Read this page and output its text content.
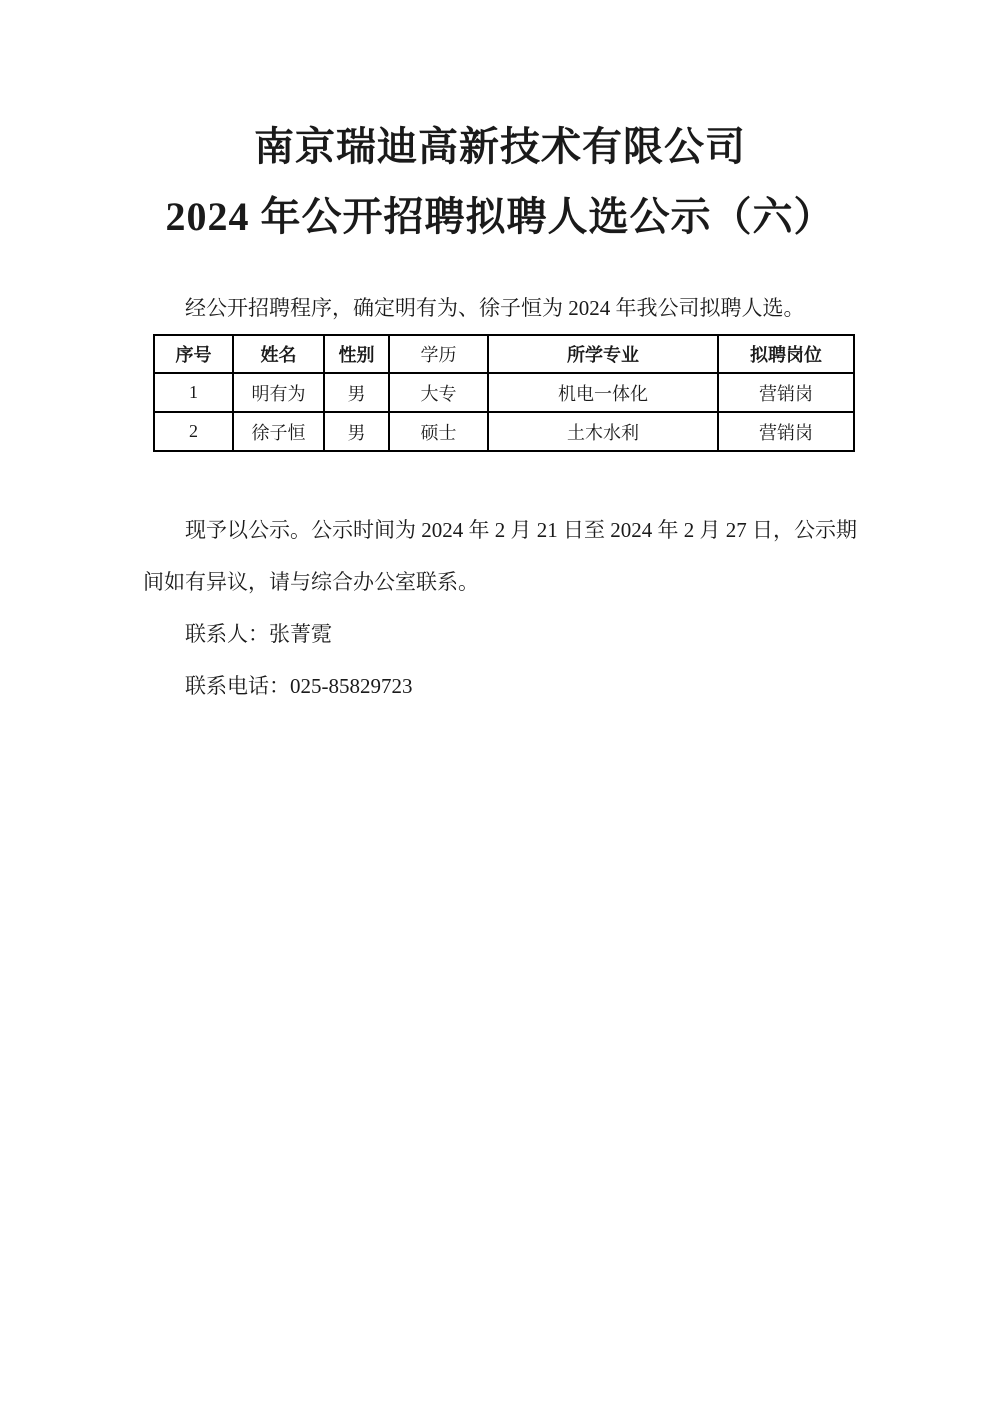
南京瑞迪高新技术有限公司
2024 年公开招聘拟聘人选公示（六）

经公开招聘程序，确定明有为、徐子恒为 2024 年我公司拟聘人选。

序号	姓名	性别	学历	所学专业	拟聘岗位
1	明有为	男	大专	机电一体化	营销岗
2	徐子恒	男	硕士	土木水利	营销岗

现予以公示。公示时间为 2024 年 2 月 21 日至 2024 年 2 月 27 日，公示期间如有异议，请与综合办公室联系。

联系人：张菁霓

联系电话：025-85829723
